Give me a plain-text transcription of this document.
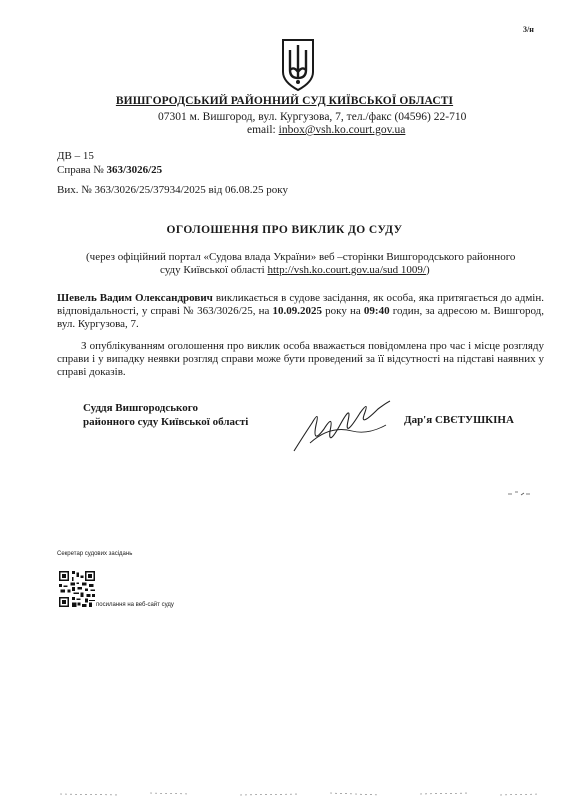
3/н
ВИШГОРОДСЬКИЙ РАЙОННИЙ СУД КИЇВСЬКОЇ ОБЛАСТІ
07301 м. Вишгород, вул. Кургузова, 7, тел./факс (04596) 22-710
email: inbox@vsh.ko.court.gov.ua
ДВ – 15
Справа № 363/3026/25
Вих. № 363/3026/25/37934/2025 від 06.08.25 року
ОГОЛОШЕННЯ ПРО ВИКЛИК ДО СУДУ
(через офіційний портал «Судова влада України» веб –сторінки Вишгородського районного
суду Київської області http://vsh.ko.court.gov.ua/sud 1009/)
Шевель Вадим Олександрович викликається в судове засідання, як особа, яка притягається до адмін. відповідальності, у справі № 363/3026/25, на 10.09.2025 року на 09:40 годин, за адресою м. Вишгород, вул. Кургузова, 7.
З опублікуванням оголошення про виклик особа вважається повідомлена про час і місце розгляду справи і у випадку неявки розгляд справи може бути проведений за її відсутності на підставі наявних у справі доказів.
Суддя Вишгородського
районного суду Київської області	Дар'я СВЄТУШКІНА
Секретар судових засідань
посилання на веб-сайт суду
